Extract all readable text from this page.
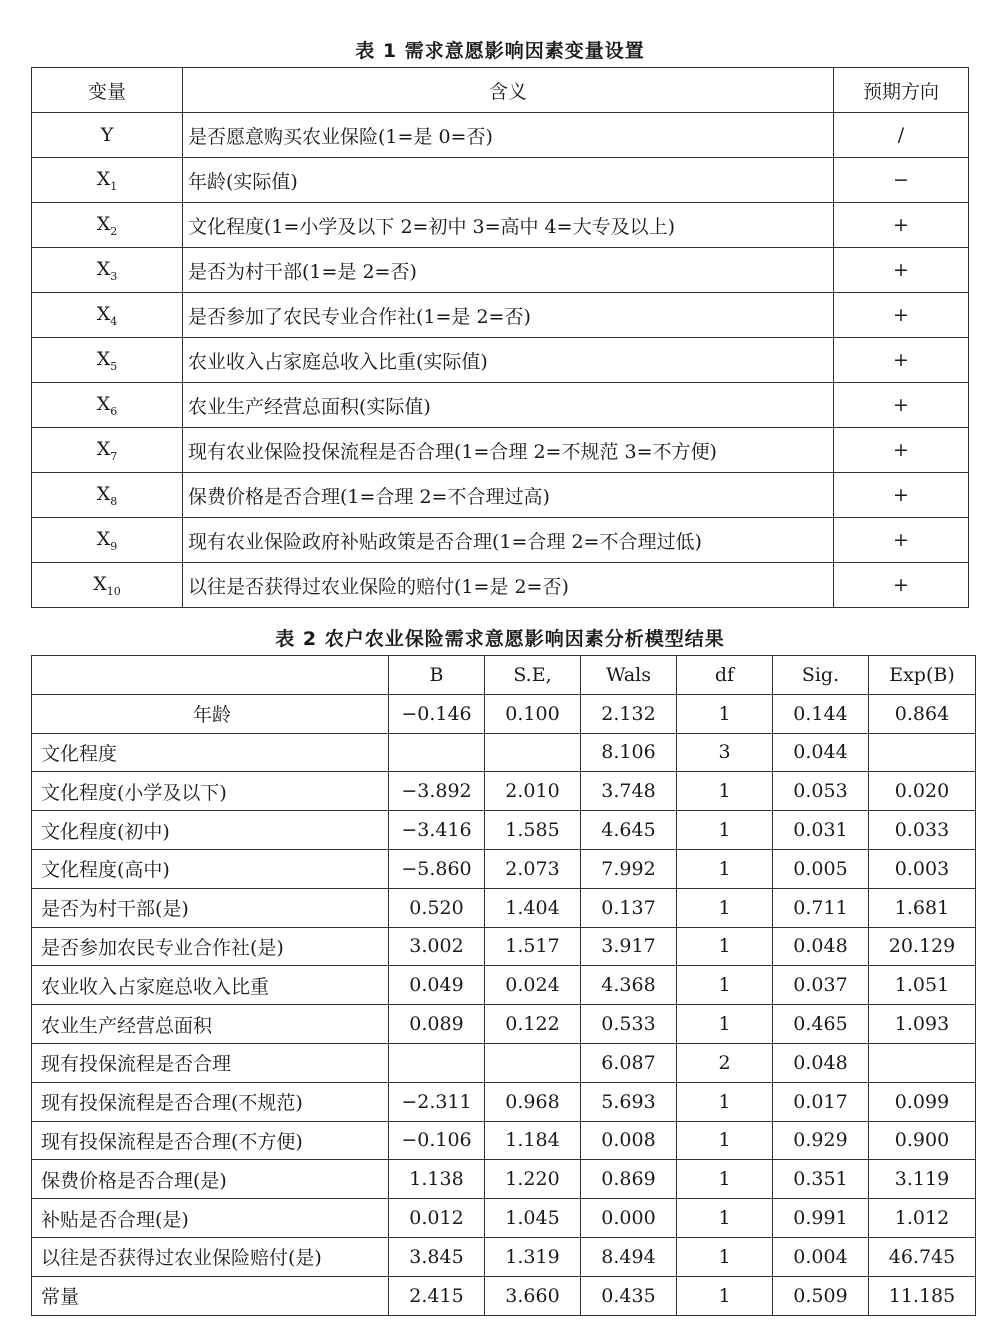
表 1 需求意愿影响因素变量设置
变量	含义	预期方向
Y	是否愿意购买农业保险(1=是 0=否)	/
$X_1$	年龄(实际值)	−
$X_2$	文化程度(1=小学及以下 2=初中 3=高中 4=大专及以上)	+
$X_3$	是否为村干部(1=是 2=否)	+
$X_4$	是否参加了农民专业合作社(1=是 2=否)	+
$X_5$	农业收入占家庭总收入比重(实际值)	+
$X_6$	农业生产经营总面积(实际值)	+
$X_7$	现有农业保险投保流程是否合理(1=合理 2=不规范 3=不方便)	+
$X_8$	保费价格是否合理(1=合理 2=不合理过高)	+
$X_9$	现有农业保险政府补贴政策是否合理(1=合理 2=不合理过低)	+
$X_{10}$	以往是否获得过农业保险的赔付(1=是 2=否)	+
表 2 农户农业保险需求意愿影响因素分析模型结果
	B	S.E,	Wals	df	Sig.	Exp(B)
年龄	−0.146	0.100	2.132	1	0.144	0.864
文化程度			8.106	3	0.044	
文化程度(小学及以下)	−3.892	2.010	3.748	1	0.053	0.020
文化程度(初中)	−3.416	1.585	4.645	1	0.031	0.033
文化程度(高中)	−5.860	2.073	7.992	1	0.005	0.003
是否为村干部(是)	0.520	1.404	0.137	1	0.711	1.681
是否参加农民专业合作社(是)	3.002	1.517	3.917	1	0.048	20.129
农业收入占家庭总收入比重	0.049	0.024	4.368	1	0.037	1.051
农业生产经营总面积	0.089	0.122	0.533	1	0.465	1.093
现有投保流程是否合理			6.087	2	0.048	
现有投保流程是否合理(不规范)	−2.311	0.968	5.693	1	0.017	0.099
现有投保流程是否合理(不方便)	−0.106	1.184	0.008	1	0.929	0.900
保费价格是否合理(是)	1.138	1.220	0.869	1	0.351	3.119
补贴是否合理(是)	0.012	1.045	0.000	1	0.991	1.012
以往是否获得过农业保险赔付(是)	3.845	1.319	8.494	1	0.004	46.745
常量	2.415	3.660	0.435	1	0.509	11.185
